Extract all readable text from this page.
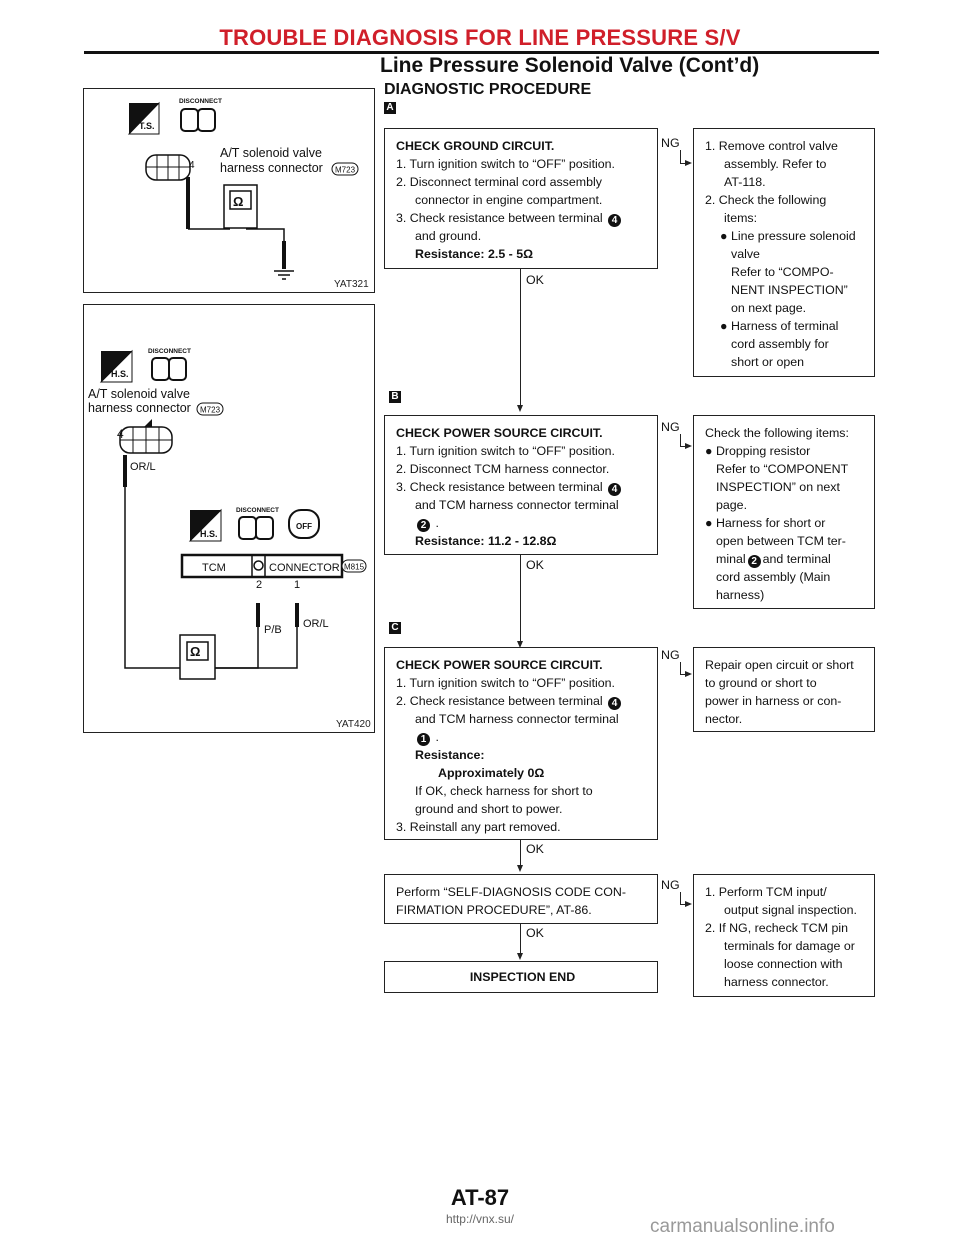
TROUBLE DIAGNOSIS FOR LINE PRESSURE S/V
Line Pressure Solenoid Valve (Cont’d)
DIAGNOSTIC PROCEDURE
T.S.
DISCONNECT
4
A/T solenoid valve
harness connector M723
Ω
YAT321
H.S.
DISCONNECT
A/T solenoid valve
harness connector M723
4
OR/L
H.S.
DISCONNECT
OFF
TCM	CONNECTOR M815
2	1
P/B OR/L
Ω
YAT420
A
CHECK GROUND CIRCUIT.
1. Turn ignition switch to “OFF” position.
2. Disconnect terminal cord assembly
connector in engine compartment.
3. Check resistance between terminal 4
and ground.
Resistance: 2.5 - 5Ω
OK
NG 1. Remove control valve
assembly. Refer to
AT-118.
2. Check the following
items:
● Line pressure solenoid
valve
Refer to “COMPO-
NENT INSPECTION”
on next page.
● Harness of terminal
cord assembly for
short or open
B
CHECK POWER SOURCE CIRCUIT.
1. Turn ignition switch to “OFF” position.
2. Disconnect TCM harness connector.
3. Check resistance between terminal 4
and TCM harness connector terminal
2 .
Resistance: 11.2 - 12.8Ω
OK
NG Check the following items:
● Dropping resistor
Refer to “COMPONENT
INSPECTION” on next
page.
● Harness for short or
open between TCM ter-
minal 2 and terminal
cord assembly (Main
harness)
C
CHECK POWER SOURCE CIRCUIT.
1. Turn ignition switch to “OFF” position.
2. Check resistance between terminal 4
and TCM harness connector terminal
1 .
Resistance:
Approximately 0Ω
If OK, check harness for short to
ground and short to power.
3. Reinstall any part removed.
OK
NG
Repair open circuit or short
to ground or short to
power in harness or con-
nector.
Perform “SELF-DIAGNOSIS CODE CON-
FIRMATION PROCEDURE”, AT-86.
OK
NG 1. Perform TCM input/
output signal inspection.
2. If NG, recheck TCM pin
terminals for damage or
loose connection with
harness connector.
INSPECTION END
AT-87
http://vnx.su/	carmanualsonline.info
